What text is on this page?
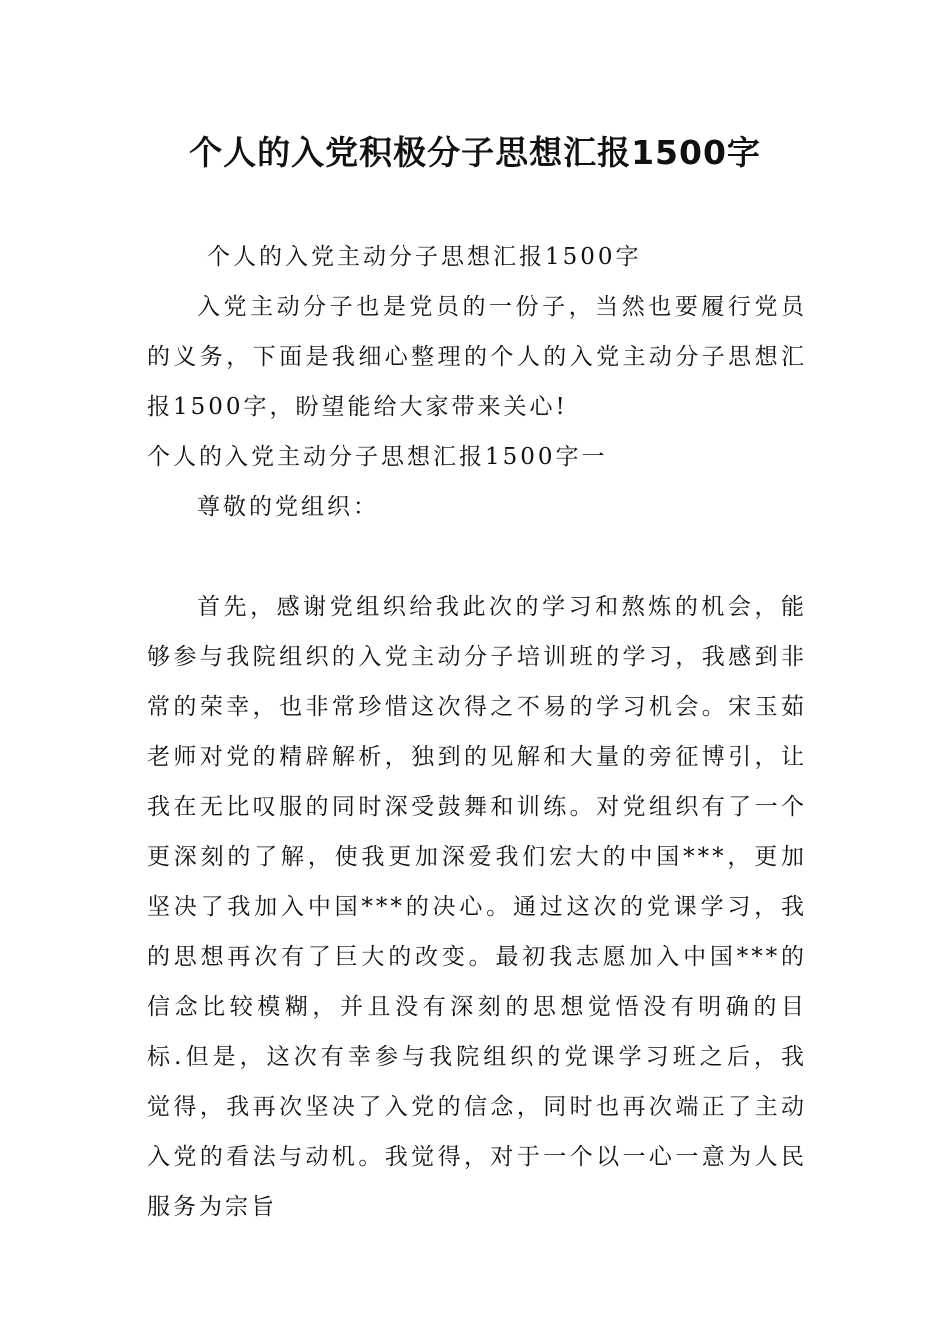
个人的入党积极分子思想汇报1500字

个人的入党主动分子思想汇报1500字

入党主动分子也是党员的一份子，当然也要履行党员的义务，下面是我细心整理的个人的入党主动分子思想汇报1500字，盼望能给大家带来关心!

个人的入党主动分子思想汇报1500字一

尊敬的党组织：

首先，感谢党组织给我此次的学习和熬炼的机会，能够参与我院组织的入党主动分子培训班的学习，我感到非常的荣幸，也非常珍惜这次得之不易的学习机会。宋玉茹老师对党的精辟解析，独到的见解和大量的旁征博引，让我在无比叹服的同时深受鼓舞和训练。对党组织有了一个更深刻的了解，使我更加深爱我们宏大的中国***，更加坚决了我加入中国***的决心。通过这次的党课学习，我的思想再次有了巨大的改变。最初我志愿加入中国***的信念比较模糊，并且没有深刻的思想觉悟没有明确的目标.但是，这次有幸参与我院组织的党课学习班之后，我觉得，我再次坚决了入党的信念，同时也再次端正了主动入党的看法与动机。我觉得，对于一个以一心一意为人民服务为宗旨
